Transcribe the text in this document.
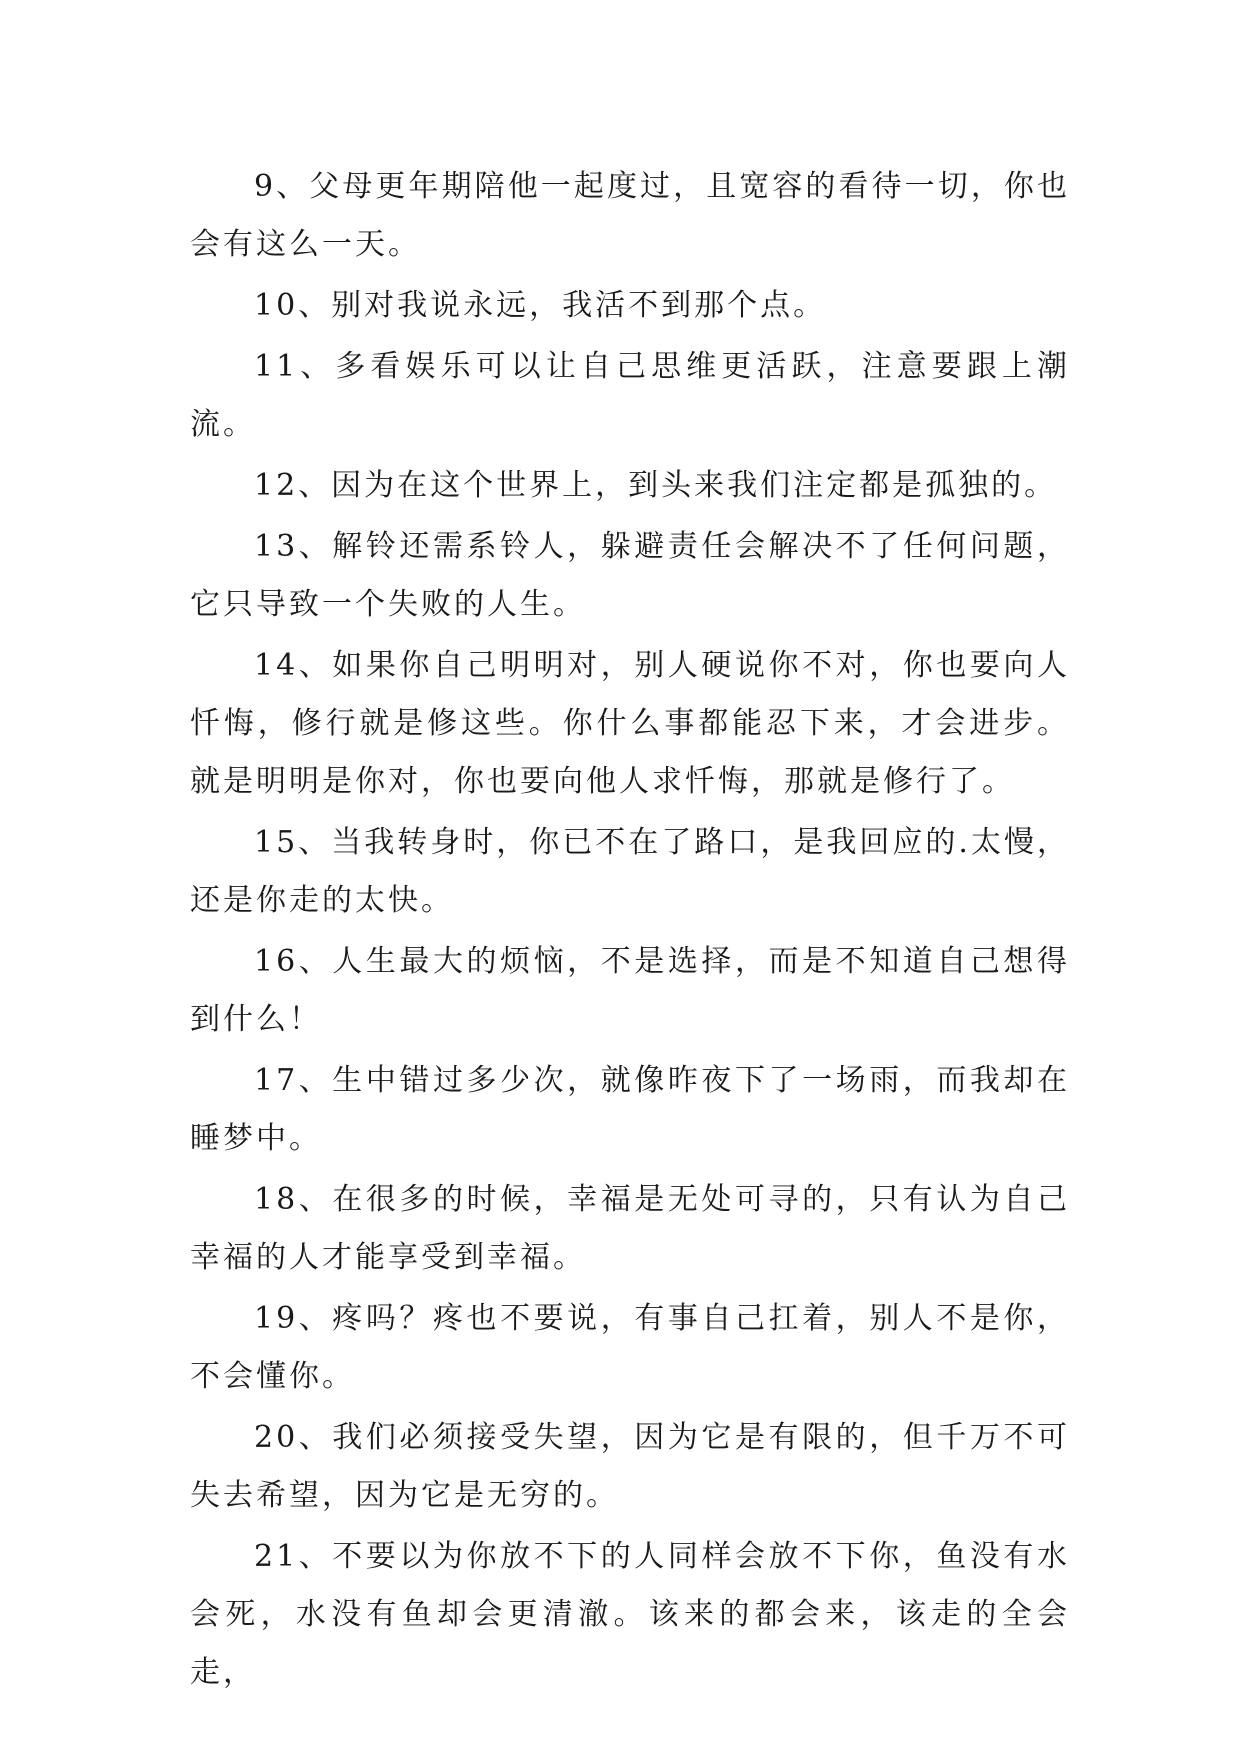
9、父母更年期陪他一起度过，且宽容的看待一切，你也会有这么一天。

10、别对我说永远，我活不到那个点。

11、多看娱乐可以让自己思维更活跃，注意要跟上潮流。

12、因为在这个世界上，到头来我们注定都是孤独的。

13、解铃还需系铃人，躲避责任会解决不了任何问题，它只导致一个失败的人生。

14、如果你自己明明对，别人硬说你不对，你也要向人忏悔，修行就是修这些。你什么事都能忍下来，才会进步。就是明明是你对，你也要向他人求忏悔，那就是修行了。

15、当我转身时，你已不在了路口，是我回应的.太慢，还是你走的太快。

16、人生最大的烦恼，不是选择，而是不知道自己想得到什么！

17、生中错过多少次，就像昨夜下了一场雨，而我却在睡梦中。

18、在很多的时候，幸福是无处可寻的，只有认为自己幸福的人才能享受到幸福。

19、疼吗？疼也不要说，有事自己扛着，别人不是你，不会懂你。

20、我们必须接受失望，因为它是有限的，但千万不可失去希望，因为它是无穷的。

21、不要以为你放不下的人同样会放不下你，鱼没有水会死，水没有鱼却会更清澈。该来的都会来，该走的全会走，
